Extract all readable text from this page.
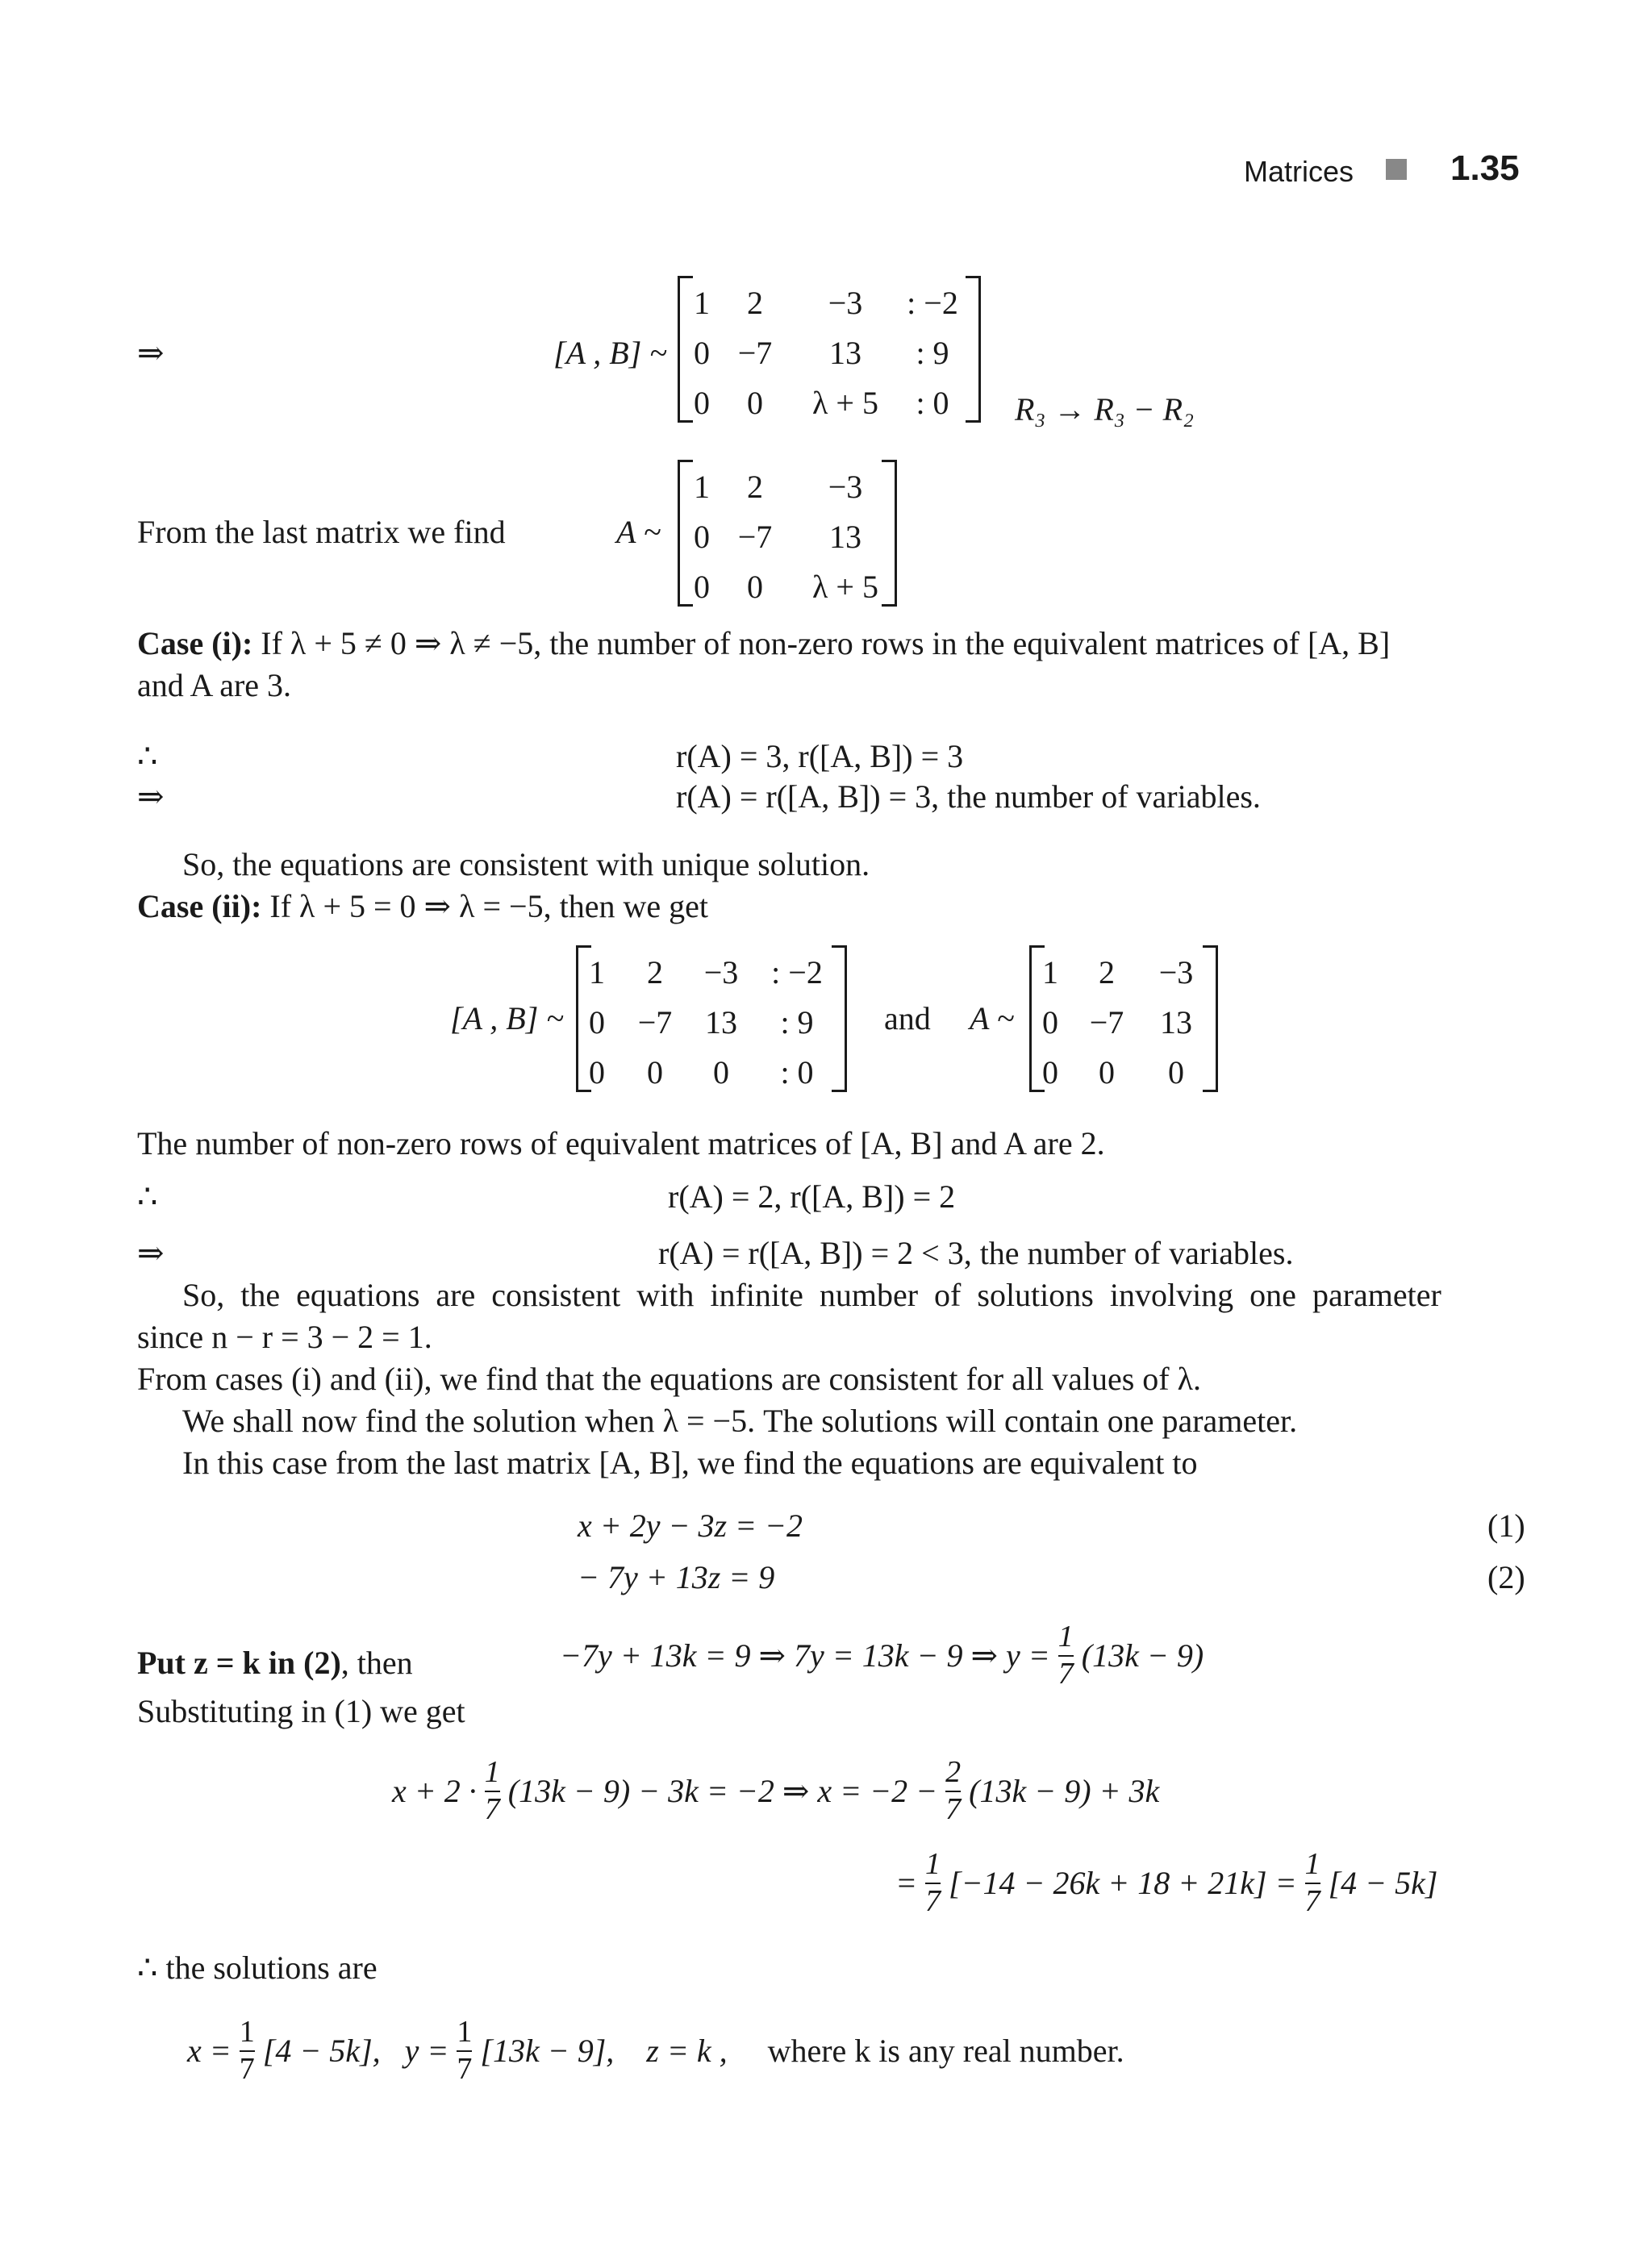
Matrices	1.35
⇒	[A , B] ~
1 2 −3 : −2
0 −7 13 : 9
0 0 λ + 5 : 0 R₃ → R₃ − R₂
From the last matrix we find	A ~
1 2 −3
0 −7 13
0 0 λ + 5
Case (i): If λ + 5 ≠ 0 ⇒ λ ≠ −5, the number of non-zero rows in the equivalent matrices of [A, B]
and A are 3.
∴	r(A) = 3, r([A, B]) = 3
⇒	r(A) = r([A, B]) = 3, the number of variables.
So, the equations are consistent with unique solution.
Case (ii): If λ + 5 = 0 ⇒ λ = −5, then we get
[A , B] ~
1 2 −3 : −2
0 −7 13 : 9
0 0 0 : 0
and A ~
1 2 −3
0 −7 13
0 0 0
The number of non-zero rows of equivalent matrices of [A, B] and A are 2.
∴	r(A) = 2, r([A, B]) = 2
⇒	r(A) = r([A, B]) = 2 < 3, the number of variables.
So, the equations are consistent with infinite number of solutions involving one parameter
since n − r = 3 − 2 = 1.
From cases (i) and (ii), we find that the equations are consistent for all values of λ.
We shall now find the solution when λ = −5. The solutions will contain one parameter.
In this case from the last matrix [A, B], we find the equations are equivalent to
x + 2y − 3z = −2	(1)
− 7y + 13z = 9	(2)
Put z = k in (2), then	−7y + 13k = 9 ⇒ 7y = 13k − 9 ⇒ $y = \frac{1}{7} (13k - 9)$
Substituting in (1) we get
$x + 2 \cdot \frac{1}{7} (13k - 9) - 3k = -2$ ⇒ $x = -2 - \frac{2}{7} (13k - 9) + 3k$
= $\frac{1}{7} [-14 - 26k + 18 + 21k] = \frac{1}{7} [4 - 5k]$
∴ the solutions are
$x = \frac{1}{7} [4 - 5k]$, $y = \frac{1}{7} [13k - 9]$, z = k , where k is any real number.
